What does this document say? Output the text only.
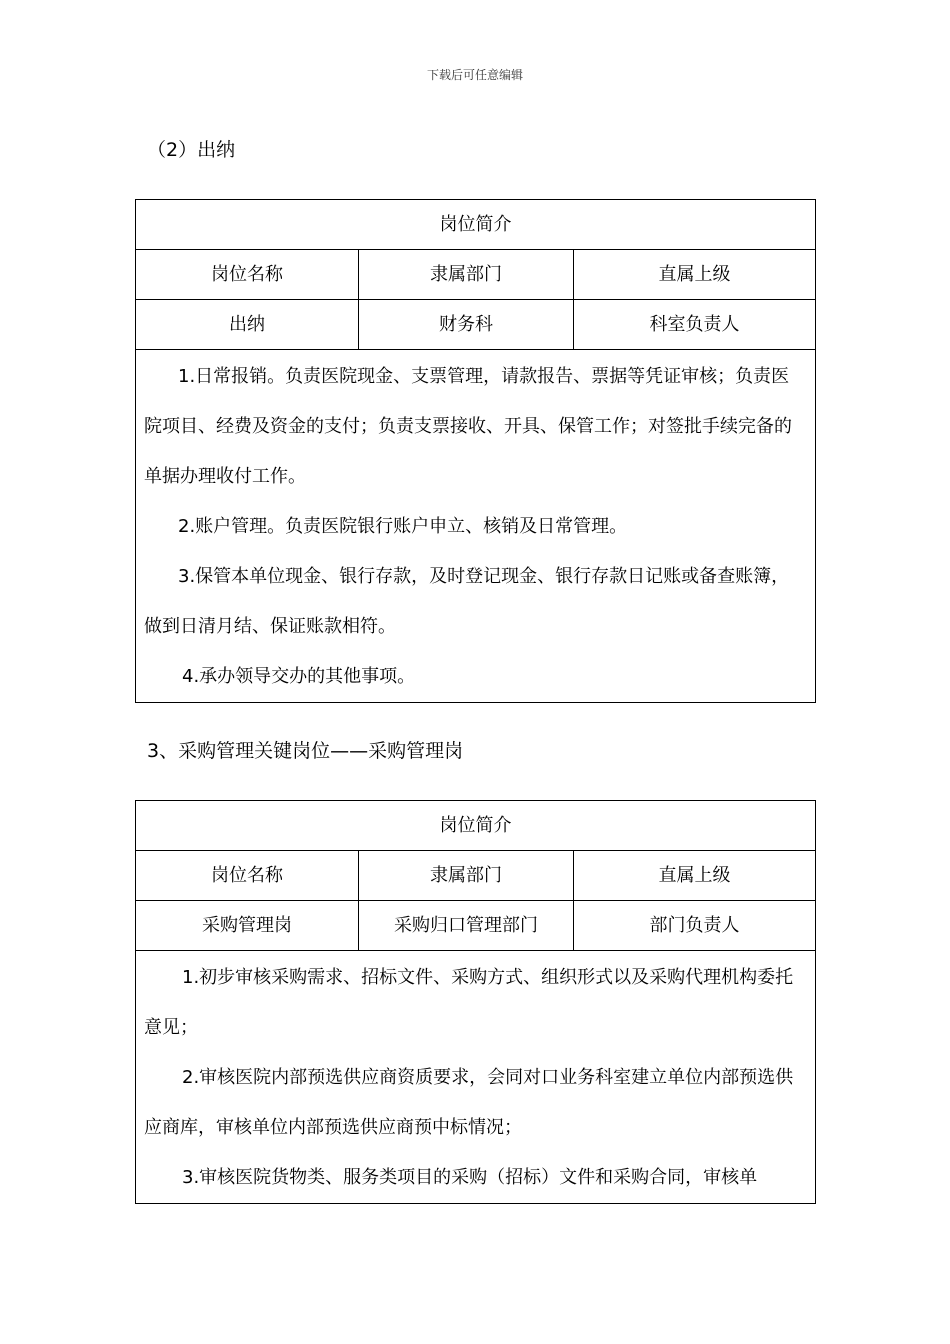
下载后可任意编辑
（2）出纳
岗位简介		
岗位名称	隶属部门	直属上级
出纳	财务科	科室负责人

1.日常报销。负责医院现金、支票管理，请款报告、票据等凭证审核；负责医院项目、经费及资金的支付；负责支票接收、开具、保管工作；对签批手续完备的单据办理收付工作。
2.账户管理。负责医院银行账户申立、核销及日常管理。
3.保管本单位现金、银行存款，及时登记现金、银行存款日记账或备查账簿，做到日清月结、保证账款相符。
4.承办领导交办的其他事项。		
3、采购管理关键岗位——采购管理岗
岗位简介		
岗位名称	隶属部门	直属上级
采购管理岗	采购归口管理部门	部门负责人

1.初步审核采购需求、招标文件、采购方式、组织形式以及采购代理机构委托意见；
2.审核医院内部预选供应商资质要求，会同对口业务科室建立单位内部预选供应商库，审核单位内部预选供应商预中标情况；
3.审核医院货物类、服务类项目的采购（招标）文件和采购合同，审核单		
